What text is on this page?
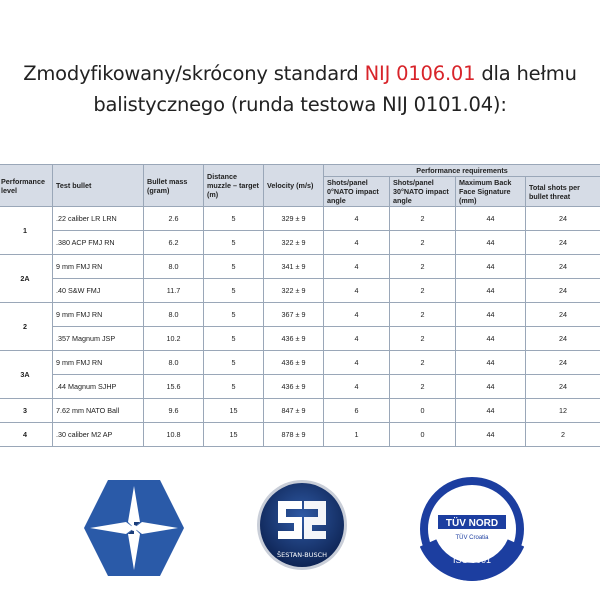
Zmodyfikowany/skrócony standard NIJ 0106.01 dla hełmu
balistycznego (runda testowa NIJ 0101.04):
Performance level	Test bullet	Bullet mass (gram)	Distance muzzle – target (m)	Velocity (m/s)	Performance requirements			
					Shots/panel 0°NATO impact angle	Shots/panel 30°NATO impact angle	Maximum Back Face Signature (mm)	Total shots per bullet threat
1	.22 caliber LR LRN	2.6	5	329 ± 9	4	2	44	24
	.380 ACP FMJ RN	6.2	5	322 ± 9	4	2	44	24
2A	9 mm FMJ RN	8.0	5	341 ± 9	4	2	44	24
	.40 S&W FMJ	11.7	5	322 ± 9	4	2	44	24
2	9 mm FMJ RN	8.0	5	367 ± 9	4	2	44	24
	.357 Magnum JSP	10.2	5	436 ± 9	4	2	44	24
3A	9 mm FMJ RN	8.0	5	436 ± 9	4	2	44	24
	.44 Magnum SJHP	15.6	5	436 ± 9	4	2	44	24
3	7.62 mm NATO Ball	9.6	15	847 ± 9	6	0	44	12
4	.30 caliber M2 AP	10.8	15	878 ± 9	1	0	44	2
ŠESTAN-BUSCH
TÜV NORD
TÜV Croatia
ISO 9001
